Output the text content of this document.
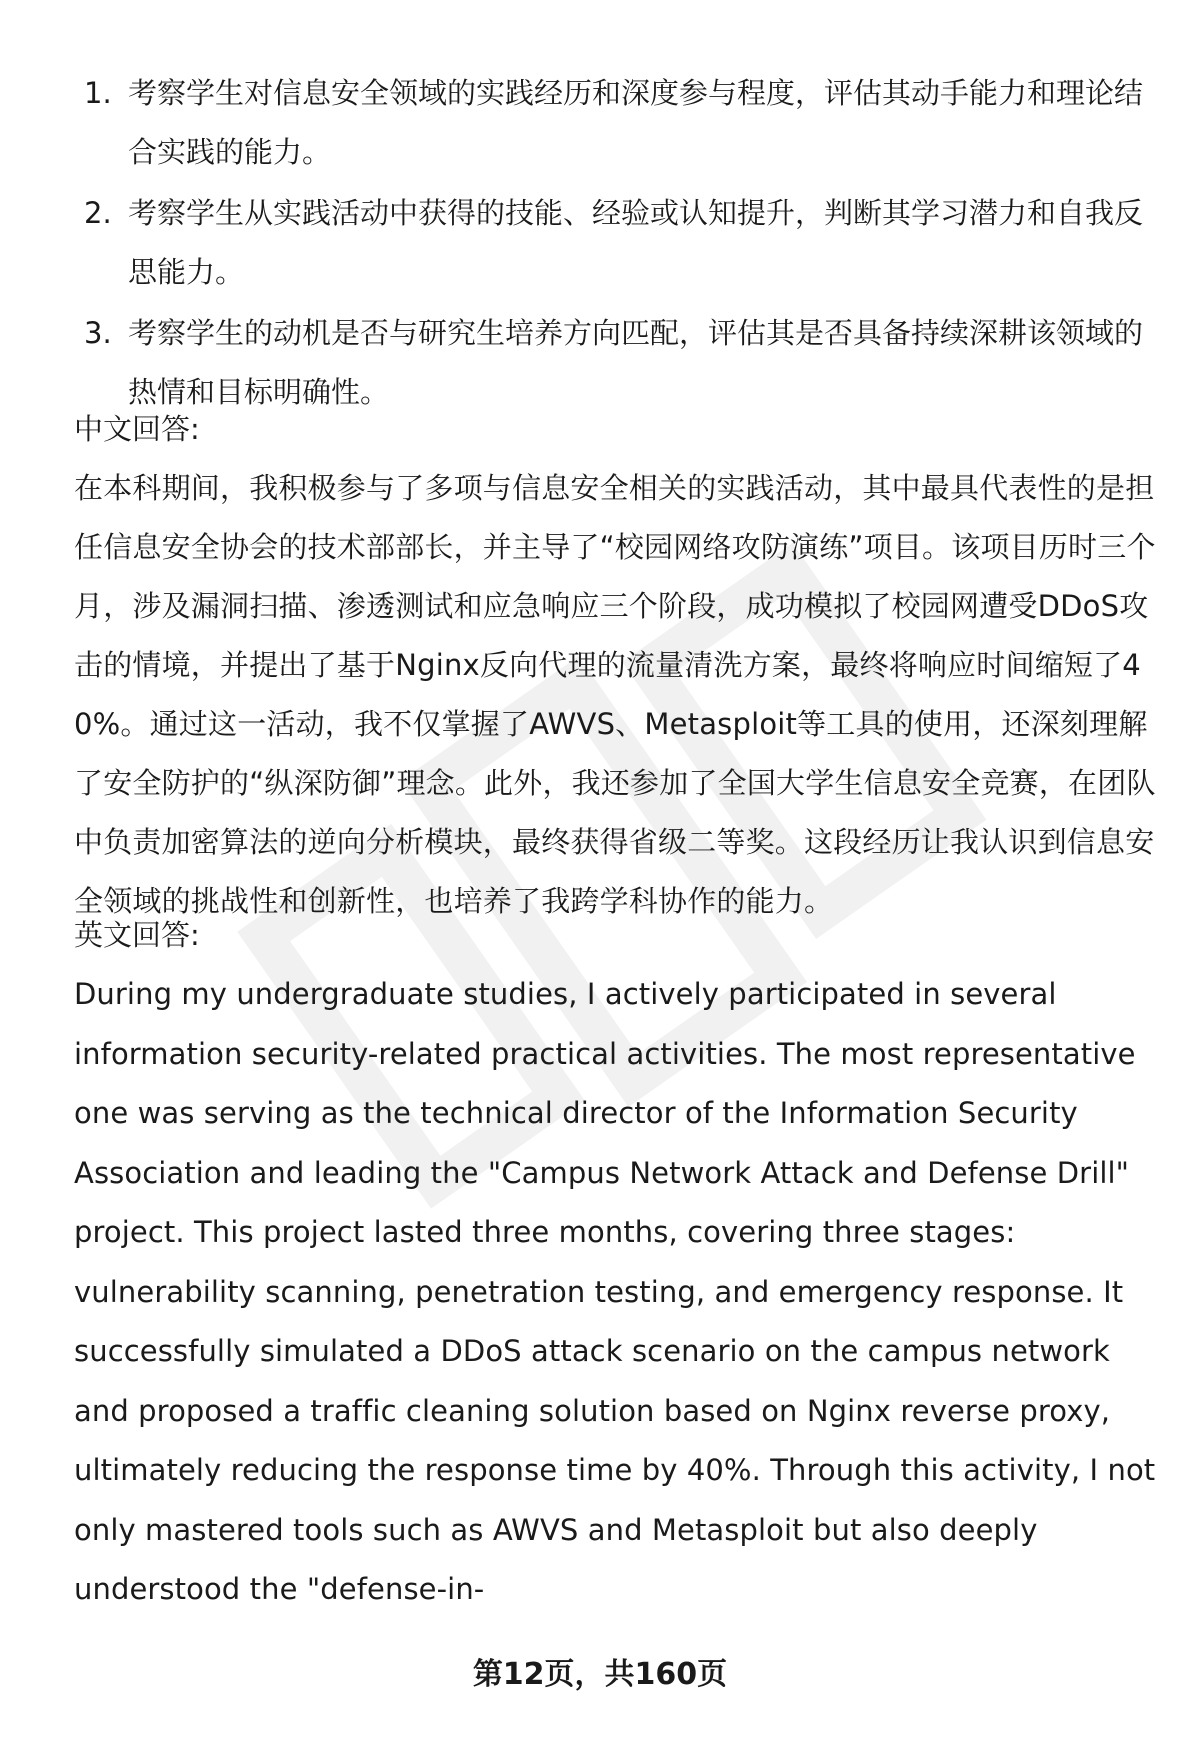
1. 考察学生对信息安全领域的实践经历和深度参与程度，评估其动手能力和理论结合实践的能力。
2. 考察学生从实践活动中获得的技能、经验或认知提升，判断其学习潜力和自我反思能力。
3. 考察学生的动机是否与研究生培养方向匹配，评估其是否具备持续深耕该领域的热情和目标明确性。
中文回答:
在本科期间，我积极参与了多项与信息安全相关的实践活动，其中最具代表性的是担任信息安全协会的技术部部长，并主导了“校园网络攻防演练”项目。该项目历时三个月，涉及漏洞扫描、渗透测试和应急响应三个阶段，成功模拟了校园网遭受DDoS攻击的情境，并提出了基于Nginx反向代理的流量清洗方案，最终将响应时间缩短了40%。通过这一活动，我不仅掌握了AWVS、Metasploit等工具的使用，还深刻理解了安全防护的“纵深防御”理念。此外，我还参加了全国大学生信息安全竞赛，在团队中负责加密算法的逆向分析模块，最终获得省级二等奖。这段经历让我认识到信息安全领域的挑战性和创新性，也培养了我跨学科协作的能力。
英文回答:
During my undergraduate studies, I actively participated in several information security-related practical activities. The most representative one was serving as the technical director of the Information Security Association and leading the "Campus Network Attack and Defense Drill" project. This project lasted three months, covering three stages: vulnerability scanning, penetration testing, and emergency response. It successfully simulated a DDoS attack scenario on the campus network and proposed a traffic cleaning solution based on Nginx reverse proxy, ultimately reducing the response time by 40%. Through this activity, I not only mastered tools such as AWVS and Metasploit but also deeply understood the "defense-in-
第12页，共160页
